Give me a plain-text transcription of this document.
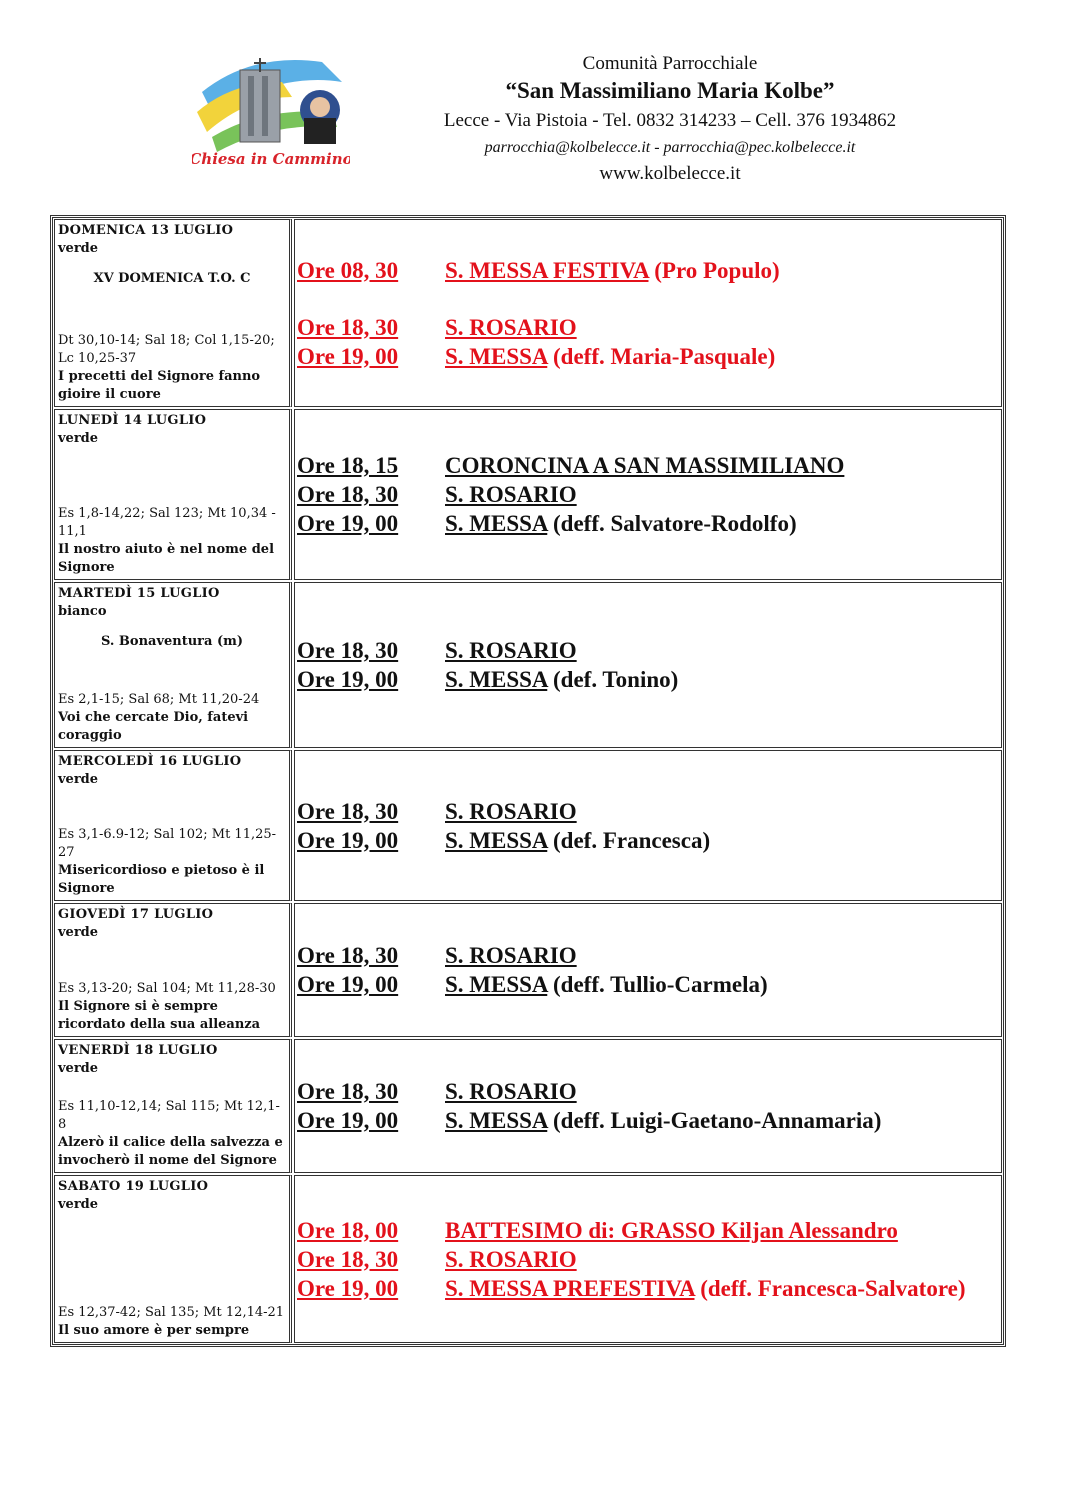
Chiesa in Cammino
Comunità Parrocchiale
“San Massimiliano Maria Kolbe”
Lecce - Via Pistoia - Tel. 0832 314233 – Cell. 376 1934862
parrocchia@kolbelecce.it - parrocchia@pec.kolbelecce.it
www.kolbelecce.it
DOMENICA 13 LUGLIO
verde
XV DOMENICA T.O. C
Dt 30,10-14; Sal 18; Col 1,15-20; Lc 10,25-37
I precetti del Signore fanno gioire il cuore
Ore 08, 30	S. MESSA FESTIVA (Pro Populo)
Ore 18, 30	S. ROSARIO
Ore 19, 00	S. MESSA (deff. Maria-Pasquale)
LUNEDÌ 14 LUGLIO
verde
Es 1,8-14,22; Sal 123; Mt 10,34 - 11,1
Il nostro aiuto è nel nome del Signore
Ore 18, 15	CORONCINA A SAN MASSIMILIANO
Ore 18, 30	S. ROSARIO
Ore 19, 00	S. MESSA (deff. Salvatore-Rodolfo)
MARTEDÌ 15 LUGLIO
bianco
S. Bonaventura (m)
Es 2,1-15; Sal 68; Mt 11,20-24
Voi che cercate Dio, fatevi coraggio
Ore 18, 30	S. ROSARIO
Ore 19, 00	S. MESSA (def. Tonino)
MERCOLEDÌ 16 LUGLIO
verde
Es 3,1-6.9-12; Sal 102; Mt 11,25-27
Misericordioso e pietoso è il Signore
Ore 18, 30	S. ROSARIO
Ore 19, 00	S. MESSA (def. Francesca)
GIOVEDÌ 17 LUGLIO
verde
Es 3,13-20; Sal 104; Mt 11,28-30
Il Signore si è sempre ricordato della sua alleanza
Ore 18, 30	S. ROSARIO
Ore 19, 00	S. MESSA (deff. Tullio-Carmela)
VENERDÌ 18 LUGLIO
verde
Es 11,10-12,14; Sal 115; Mt 12,1-8
Alzerò il calice della salvezza e invocherò il nome del Signore
Ore 18, 30	S. ROSARIO
Ore 19, 00	S. MESSA (deff. Luigi-Gaetano-Annamaria)
SABATO 19 LUGLIO
verde
Es 12,37-42; Sal 135; Mt 12,14-21
Il suo amore è per sempre
Ore 18, 00	BATTESIMO di: GRASSO Kiljan Alessandro
Ore 18, 30	S. ROSARIO
Ore 19, 00	S. MESSA PREFESTIVA (deff. Francesca-Salvatore)
